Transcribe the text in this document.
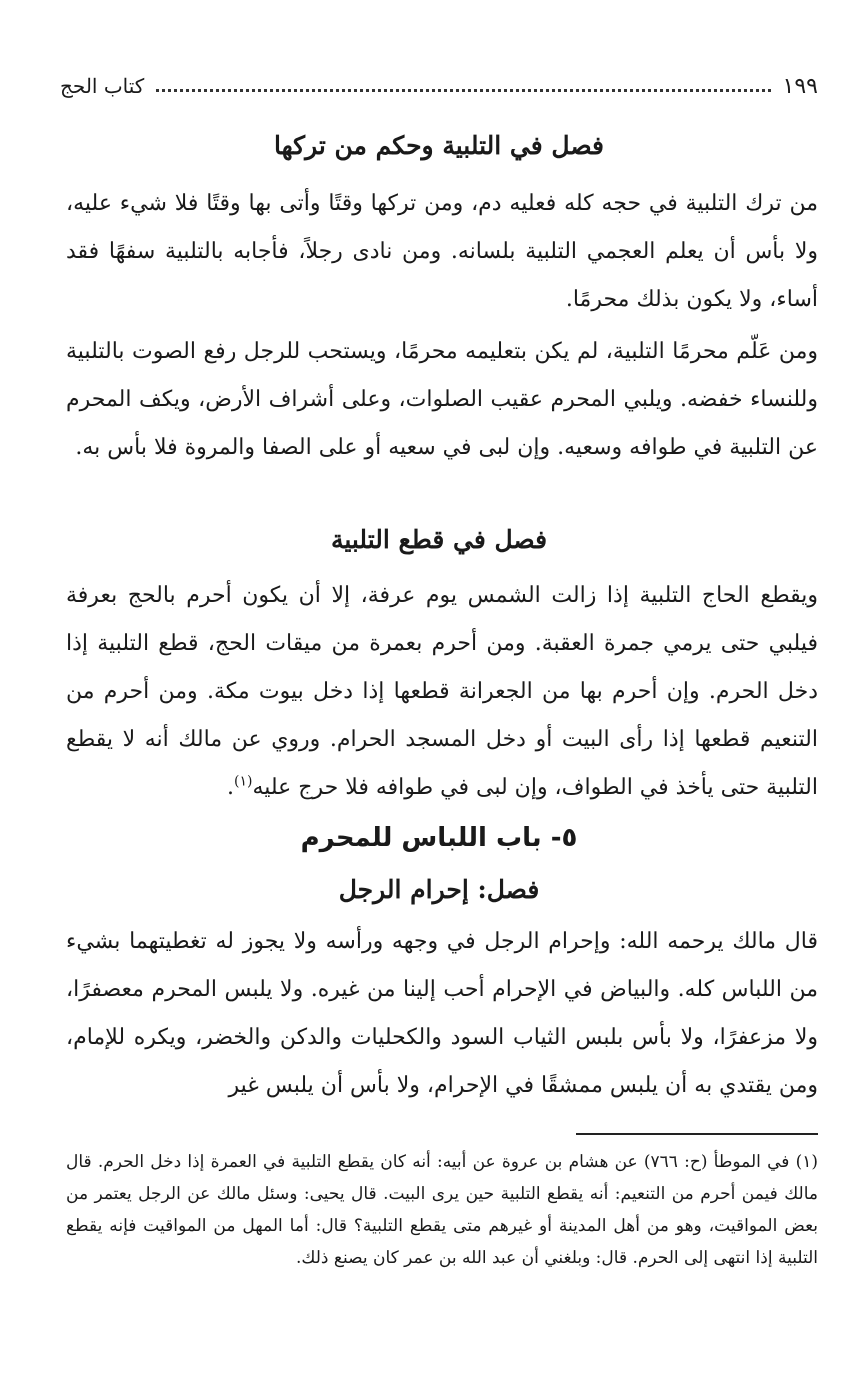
١٩٩
كتاب الحج
فصل في التلبية وحكم من تركها

من ترك التلبية في حجه كله فعليه دم، ومن تركها وقتًا وأتى بها وقتًا فلا شيء عليه، ولا بأس أن يعلم العجمي التلبية بلسانه. ومن نادى رجلاً، فأجابه بالتلبية سفهًا فقد أساء، ولا يكون بذلك محرمًا.

ومن عَلّم محرمًا التلبية، لم يكن بتعليمه محرمًا، ويستحب للرجل رفع الصوت بالتلبية وللنساء خفضه. ويلبي المحرم عقيب الصلوات، وعلى أشراف الأرض، ويكف المحرم عن التلبية في طوافه وسعيه. وإن لبى في سعيه أو على الصفا والمروة فلا بأس به.

فصل في قطع التلبية

ويقطع الحاج التلبية إذا زالت الشمس يوم عرفة، إلا أن يكون أحرم بالحج بعرفة فيلبي حتى يرمي جمرة العقبة. ومن أحرم بعمرة من ميقات الحج، قطع التلبية إذا دخل الحرم. وإن أحرم بها من الجعرانة قطعها إذا دخل بيوت مكة. ومن أحرم من التنعيم قطعها إذا رأى البيت أو دخل المسجد الحرام. وروي عن مالك أنه لا يقطع التلبية حتى يأخذ في الطواف، وإن لبى في طوافه فلا حرج عليه$^{(١)}$.

٥- باب اللباس للمحرم
فصل: إحرام الرجل

قال مالك يرحمه الله: وإحرام الرجل في وجهه ورأسه ولا يجوز له تغطيتهما بشيء من اللباس كله. والبياض في الإحرام أحب إلينا من غيره. ولا يلبس المحرم معصفرًا، ولا مزعفرًا، ولا بأس بلبس الثياب السود والكحليات والدكن والخضر، ويكره للإمام، ومن يقتدي به أن يلبس ممشقًا في الإحرام، ولا بأس أن يلبس غير

(١) في الموطأ (ح: ٧٦٦) عن هشام بن عروة عن أبيه: أنه كان يقطع التلبية في العمرة إذا دخل الحرم. قال مالك فيمن أحرم من التنعيم: أنه يقطع التلبية حين يرى البيت. قال يحيى: وسئل مالك عن الرجل يعتمر من بعض المواقيت، وهو من أهل المدينة أو غيرهم متى يقطع التلبية؟ قال: أما المهل من المواقيت فإنه يقطع التلبية إذا انتهى إلى الحرم. قال: وبلغني أن عبد الله بن عمر كان يصنع ذلك.
